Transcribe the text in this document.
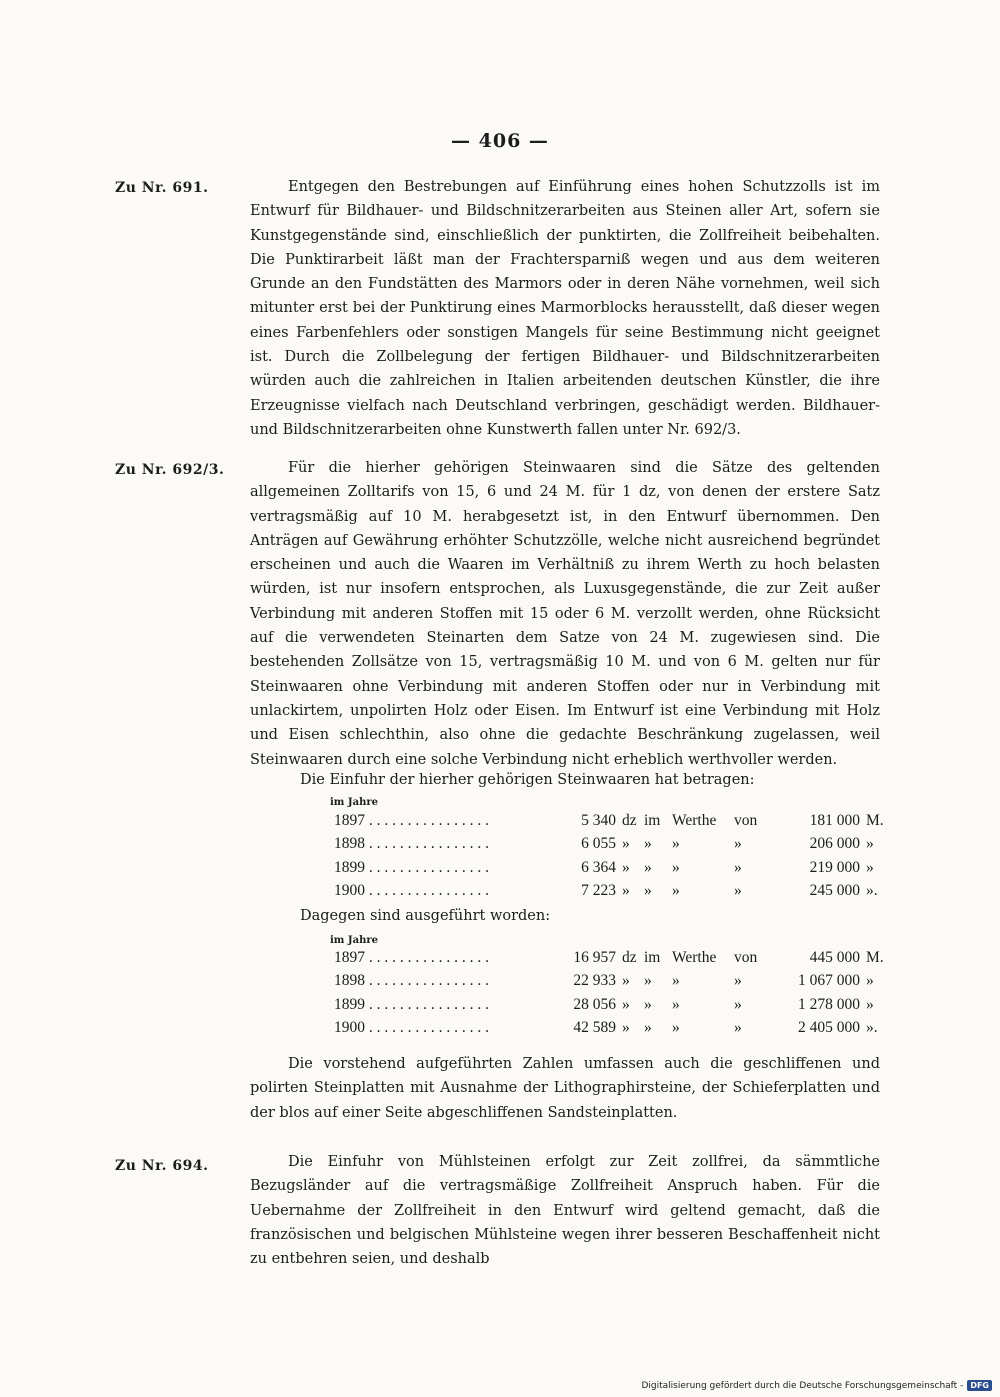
— 406 —
Zu Nr. 691.	Entgegen den Bestrebungen auf Einführung eines hohen Schutzzolls ist im Entwurf für Bildhauer- und Bildschnitzerarbeiten aus Steinen aller Art, sofern sie Kunstgegenstände sind, einschließlich der punktirten, die Zollfreiheit beibehalten. Die Punktirarbeit läßt man der Frachtersparniß wegen und aus dem weiteren Grunde an den Fundstätten des Marmors oder in deren Nähe vornehmen, weil sich mitunter erst bei der Punktirung eines Marmorblocks herausstellt, daß dieser wegen eines Farbenfehlers oder sonstigen Mangels für seine Bestimmung nicht geeignet ist. Durch die Zollbelegung der fertigen Bildhauer- und Bildschnitzerarbeiten würden auch die zahlreichen in Italien arbeitenden deutschen Künstler, die ihre Erzeugnisse vielfach nach Deutschland verbringen, geschädigt werden. Bildhauer- und Bildschnitzerarbeiten ohne Kunstwerth fallen unter Nr. 692/3.

Zu Nr. 692/3.	Für die hierher gehörigen Steinwaaren sind die Sätze des geltenden allgemeinen Zolltarifs von 15, 6 und 24 M. für 1 dz, von denen der erstere Satz vertragsmäßig auf 10 M. herabgesetzt ist, in den Entwurf übernommen. Den Anträgen auf Gewährung erhöhter Schutzzölle, welche nicht ausreichend begründet erscheinen und auch die Waaren im Verhältniß zu ihrem Werth zu hoch belasten würden, ist nur insofern entsprochen, als Luxusgegenstände, die zur Zeit außer Verbindung mit anderen Stoffen mit 15 oder 6 M. verzollt werden, ohne Rücksicht auf die verwendeten Steinarten dem Satze von 24 M. zugewiesen sind. Die bestehenden Zollsätze von 15, vertragsmäßig 10 M. und von 6 M. gelten nur für Steinwaaren ohne Verbindung mit anderen Stoffen oder nur in Verbindung mit unlackirtem, unpolirten Holz oder Eisen. Im Entwurf ist eine Verbindung mit Holz und Eisen schlechthin, also ohne die gedachte Beschränkung zugelassen, weil Steinwaaren durch eine solche Verbindung nicht erheblich werthvoller werden.

Die Einfuhr der hierher gehörigen Steinwaaren hat betragen:
im Jahre
1897 . . . . . . . . . . . . . . . .	5 340	dz	im	Werthe	von	181 000	M.
1898 . . . . . . . . . . . . . . . .	6 055	»	»	»	»	206 000	»
1899 . . . . . . . . . . . . . . . .	6 364	»	»	»	»	219 000	»
1900 . . . . . . . . . . . . . . . .	7 223	»	»	»	»	245 000	».
Dagegen sind ausgeführt worden:
im Jahre
1897 . . . . . . . . . . . . . . . .	16 957	dz	im	Werthe	von	445 000	M.
1898 . . . . . . . . . . . . . . . .	22 933	»	»	»	»	1 067 000	»
1899 . . . . . . . . . . . . . . . .	28 056	»	»	»	»	1 278 000	»
1900 . . . . . . . . . . . . . . . .	42 589	»	»	»	»	2 405 000	».

Die vorstehend aufgeführten Zahlen umfassen auch die geschliffenen und polirten Steinplatten mit Ausnahme der Lithographirsteine, der Schieferplatten und der blos auf einer Seite abgeschliffenen Sandsteinplatten.

Zu Nr. 694.	Die Einfuhr von Mühlsteinen erfolgt zur Zeit zollfrei, da sämmtliche Bezugsländer auf die vertragsmäßige Zollfreiheit Anspruch haben. Für die Uebernahme der Zollfreiheit in den Entwurf wird geltend gemacht, daß die französischen und belgischen Mühlsteine wegen ihrer besseren Beschaffenheit nicht zu entbehren seien, und deshalb

Digitalisierung gefördert durch die Deutsche Forschungsgemeinschaft - DFG
